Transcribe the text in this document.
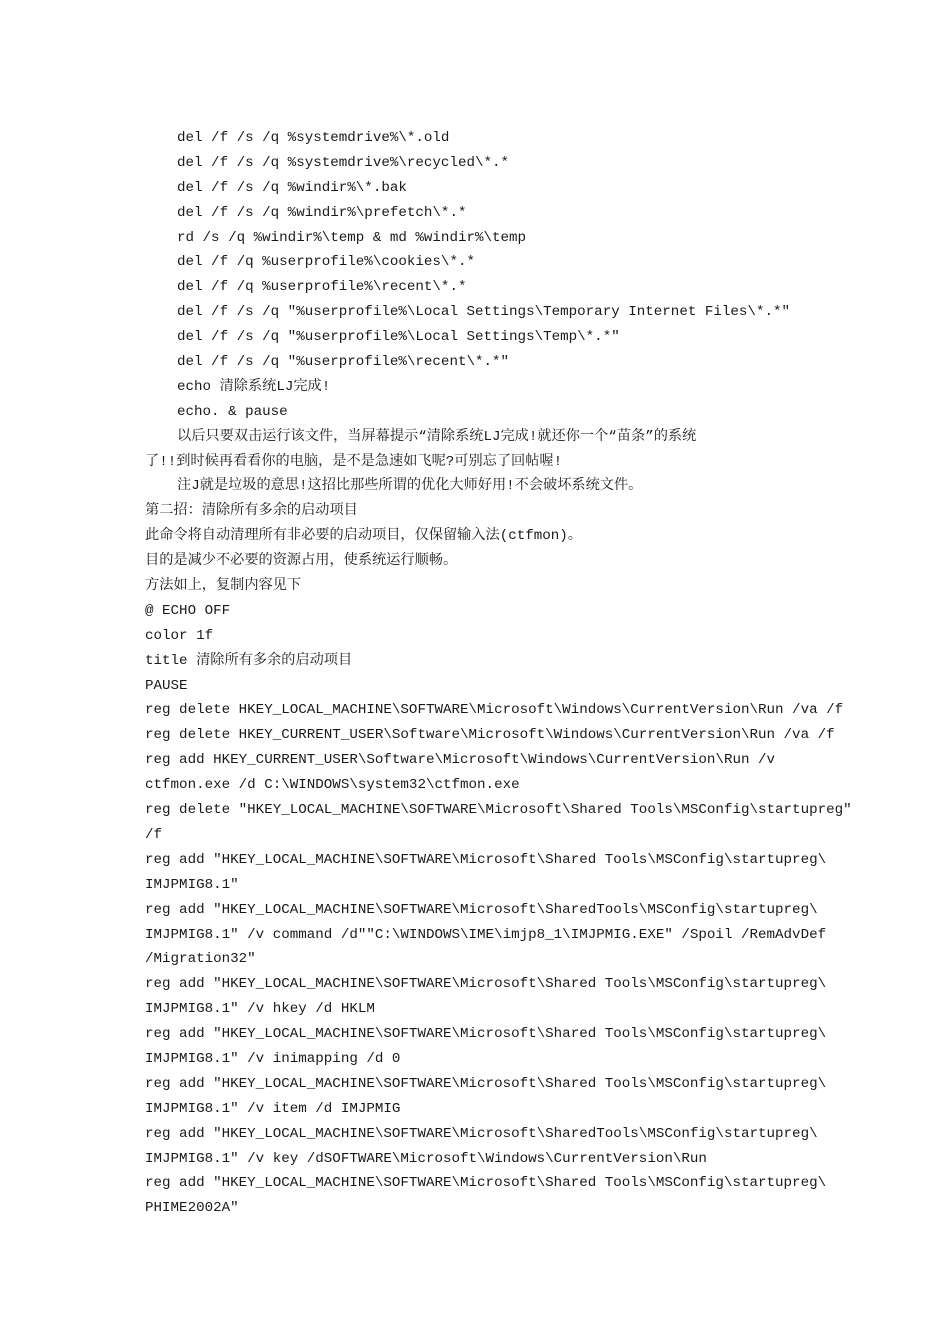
del /f /s /q %systemdrive%\*.old
del /f /s /q %systemdrive%\recycled\*.*
del /f /s /q %windir%\*.bak
del /f /s /q %windir%\prefetch\*.*
rd /s /q %windir%\temp & md %windir%\temp
del /f /q %userprofile%\cookies\*.*
del /f /q %userprofile%\recent\*.*
del /f /s /q "%userprofile%\Local Settings\Temporary Internet Files\*.*"
del /f /s /q "%userprofile%\Local Settings\Temp\*.*"
del /f /s /q "%userprofile%\recent\*.*"
echo 清除系统LJ完成!
echo. & pause
以后只要双击运行该文件，当屏幕提示“清除系统LJ完成!就还你一个“苗条”的系统
了!!到时候再看看你的电脑，是不是急速如飞呢?可别忘了回帖喔!
注J就是垃圾的意思!这招比那些所谓的优化大师好用!不会破坏系统文件。
第二招：清除所有多余的启动项目
此命令将自动清理所有非必要的启动项目，仅保留输入法(ctfmon)。
目的是减少不必要的资源占用，使系统运行顺畅。
方法如上，复制内容见下
@ ECHO OFF
color 1f
title 清除所有多余的启动项目
PAUSE
reg delete HKEY_LOCAL_MACHINE\SOFTWARE\Microsoft\Windows\CurrentVersion\Run /va /f
reg delete HKEY_CURRENT_USER\Software\Microsoft\Windows\CurrentVersion\Run /va /f
reg add HKEY_CURRENT_USER\Software\Microsoft\Windows\CurrentVersion\Run /v
ctfmon.exe /d C:\WINDOWS\system32\ctfmon.exe
reg delete "HKEY_LOCAL_MACHINE\SOFTWARE\Microsoft\Shared Tools\MSConfig\startupreg"
/f
reg add "HKEY_LOCAL_MACHINE\SOFTWARE\Microsoft\Shared Tools\MSConfig\startupreg\
IMJPMIG8.1"
reg add "HKEY_LOCAL_MACHINE\SOFTWARE\Microsoft\SharedTools\MSConfig\startupreg\
IMJPMIG8.1" /v command /d""C:\WINDOWS\IME\imjp8_1\IMJPMIG.EXE" /Spoil /RemAdvDef
/Migration32"
reg add "HKEY_LOCAL_MACHINE\SOFTWARE\Microsoft\Shared Tools\MSConfig\startupreg\
IMJPMIG8.1" /v hkey /d HKLM
reg add "HKEY_LOCAL_MACHINE\SOFTWARE\Microsoft\Shared Tools\MSConfig\startupreg\
IMJPMIG8.1" /v inimapping /d 0
reg add "HKEY_LOCAL_MACHINE\SOFTWARE\Microsoft\Shared Tools\MSConfig\startupreg\
IMJPMIG8.1" /v item /d IMJPMIG
reg add "HKEY_LOCAL_MACHINE\SOFTWARE\Microsoft\SharedTools\MSConfig\startupreg\
IMJPMIG8.1" /v key /dSOFTWARE\Microsoft\Windows\CurrentVersion\Run
reg add "HKEY_LOCAL_MACHINE\SOFTWARE\Microsoft\Shared Tools\MSConfig\startupreg\
PHIME2002A"
